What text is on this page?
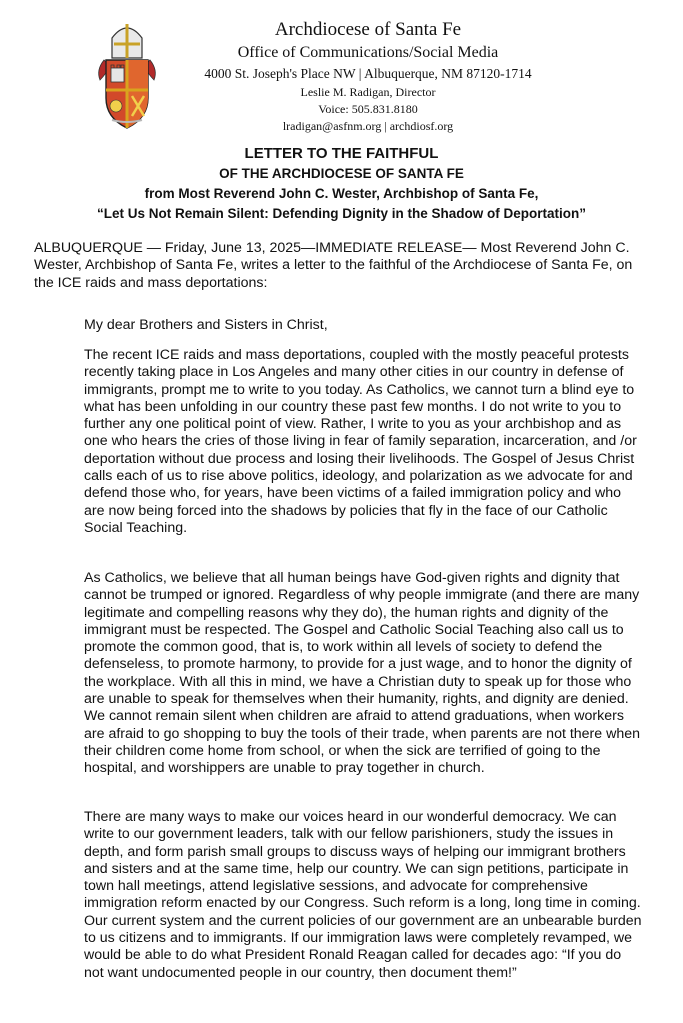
Archdiocese of Santa Fe
Office of Communications/Social Media
4000 St. Joseph's Place NW | Albuquerque, NM 87120-1714
Leslie M. Radigan, Director
Voice: 505.831.8180
lradigan@asfnm.org | archdiosf.org
LETTER TO THE FAITHFUL
OF THE ARCHDIOCESE OF SANTA FE
from Most Reverend John C. Wester, Archbishop of Santa Fe,
“Let Us Not Remain Silent: Defending Dignity in the Shadow of Deportation”

ALBUQUERQUE — Friday, June 13, 2025—IMMEDIATE RELEASE— Most Reverend John C. Wester, Archbishop of Santa Fe, writes a letter to the faithful of the Archdiocese of Santa Fe, on the ICE raids and mass deportations:

My dear Brothers and Sisters in Christ,

The recent ICE raids and mass deportations, coupled with the mostly peaceful protests recently taking place in Los Angeles and many other cities in our country in defense of immigrants, prompt me to write to you today. As Catholics, we cannot turn a blind eye to what has been unfolding in our country these past few months. I do not write to you to further any one political point of view. Rather, I write to you as your archbishop and as one who hears the cries of those living in fear of family separation, incarceration, and /or deportation without due process and losing their livelihoods. The Gospel of Jesus Christ calls each of us to rise above politics, ideology, and polarization as we advocate for and defend those who, for years, have been victims of a failed immigration policy and who are now being forced into the shadows by policies that fly in the face of our Catholic Social Teaching.

As Catholics, we believe that all human beings have God-given rights and dignity that cannot be trumped or ignored. Regardless of why people immigrate (and there are many legitimate and compelling reasons why they do), the human rights and dignity of the immigrant must be respected. The Gospel and Catholic Social Teaching also call us to promote the common good, that is, to work within all levels of society to defend the defenseless, to promote harmony, to provide for a just wage, and to honor the dignity of the workplace. With all this in mind, we have a Christian duty to speak up for those who are unable to speak for themselves when their humanity, rights, and dignity are denied. We cannot remain silent when children are afraid to attend graduations, when workers are afraid to go shopping to buy the tools of their trade, when parents are not there when their children come home from school, or when the sick are terrified of going to the hospital, and worshippers are unable to pray together in church.

There are many ways to make our voices heard in our wonderful democracy. We can write to our government leaders, talk with our fellow parishioners, study the issues in depth, and form parish small groups to discuss ways of helping our immigrant brothers and sisters and at the same time, help our country. We can sign petitions, participate in town hall meetings, attend legislative sessions, and advocate for comprehensive immigration reform enacted by our Congress. Such reform is a long, long time in coming. Our current system and the current policies of our government are an unbearable burden to us citizens and to immigrants. If our immigration laws were completely revamped, we would be able to do what President Ronald Reagan called for decades ago: “If you do not want undocumented people in our country, then document them!”
